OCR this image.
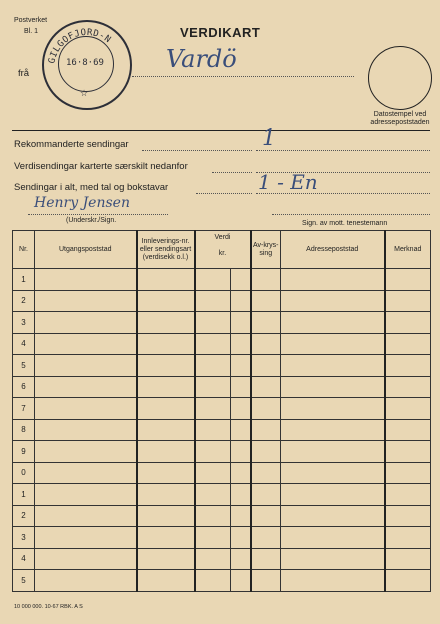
Postverket
Bl. 1	VERDIKART
GILGOFJORD-N
16·8·69
☆
frå
Vardö
Datostempel ved adressepoststaden
Rekommanderte sendingar	1
Verdisendingar karterte særskilt nedanfor
Sendingar i alt, med tal og bokstavar	1 - En
Henry Jensen
(Underskr./Sign.	Sign. av mott. tenestemann
Nr.	Utgangspoststad	Innleverings-nr. eller sendingsart (verdisekk o.l.)	Verdi

kr.		Av-krys-sing	Adressepoststad	Merknad
1							
2							
3							
4							
5							
6							
7							
8							
9							
0							
1							
2							
3							
4							
5							
10 000 000. 10·67 RBK. A S
